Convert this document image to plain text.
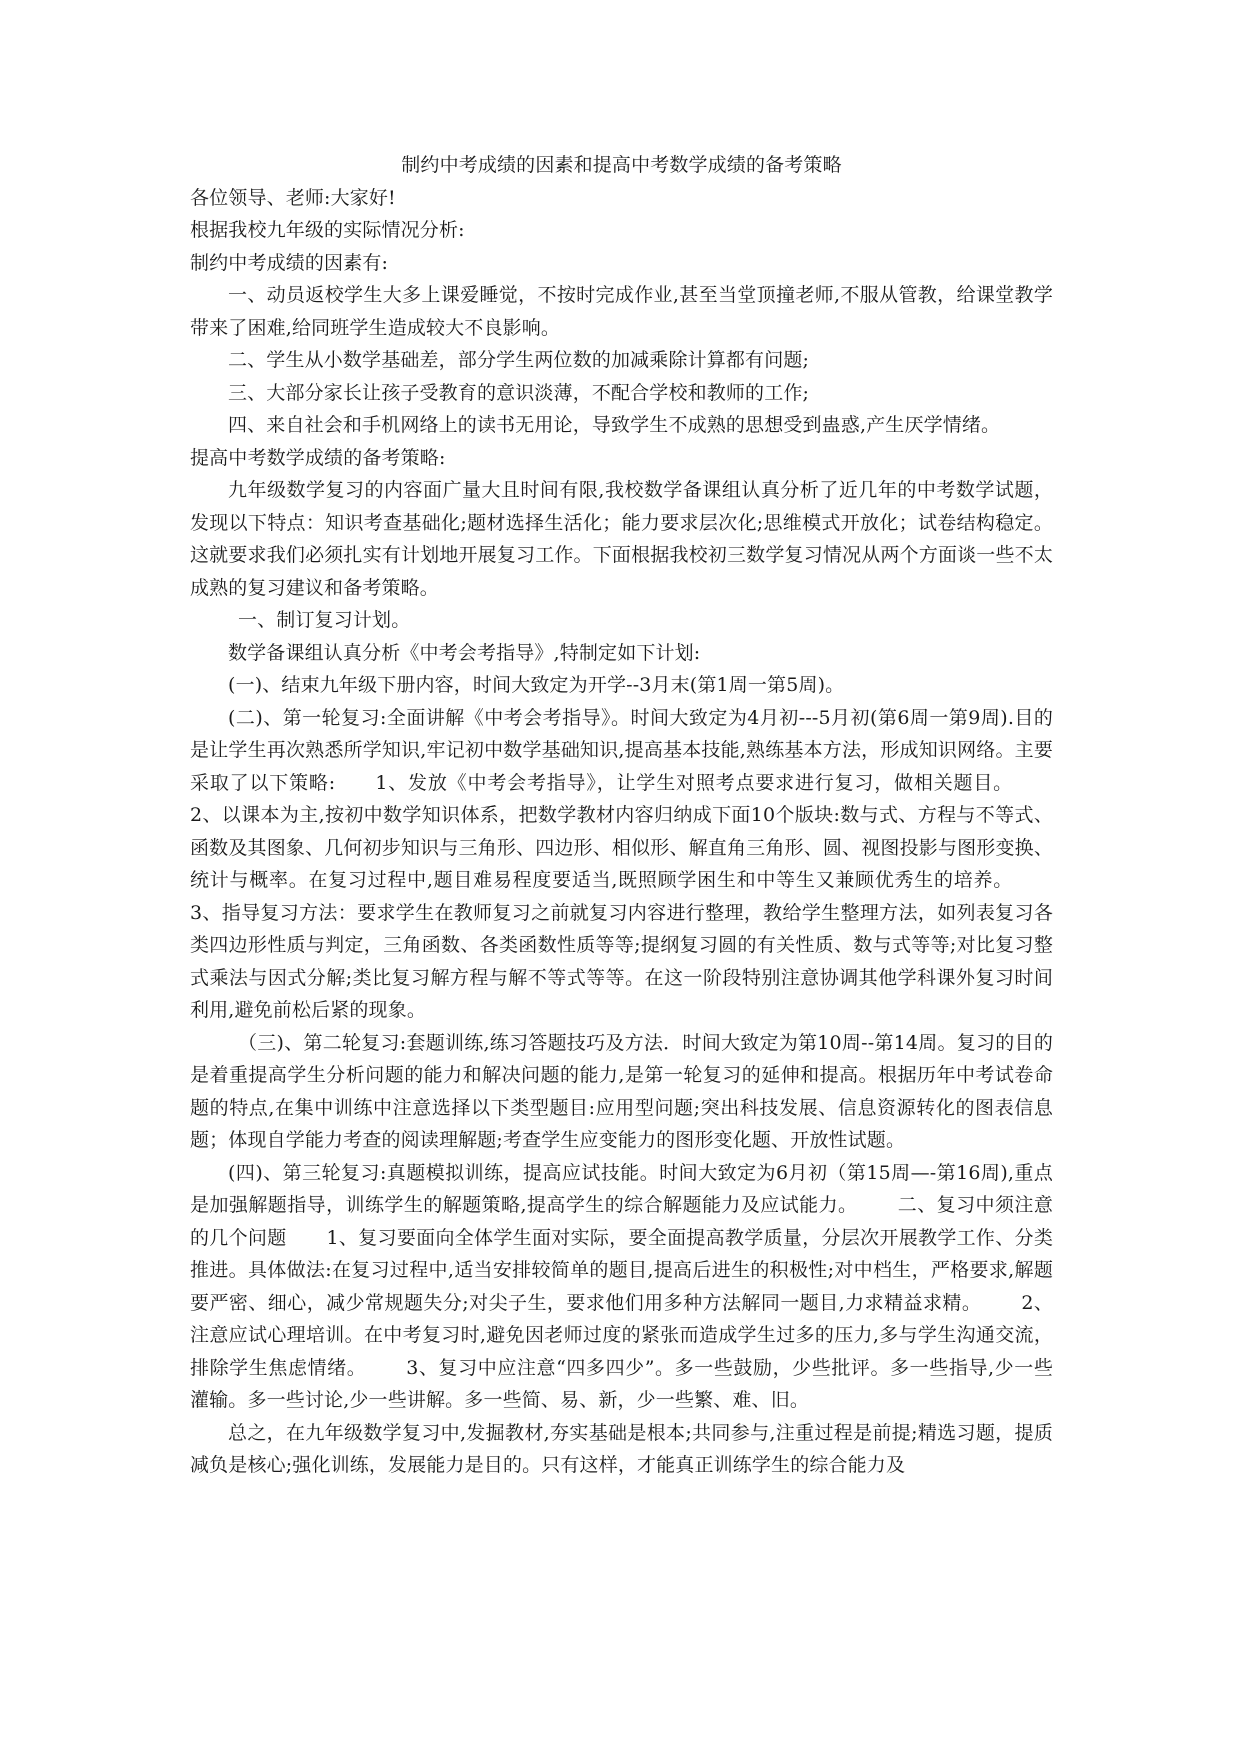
制约中考成绩的因素和提高中考数学成绩的备考策略

各位领导、老师:大家好!

根据我校九年级的实际情况分析:

制约中考成绩的因素有:

一、动员返校学生大多上课爱睡觉，不按时完成作业,甚至当堂顶撞老师,不服从管教，给课堂教学带来了困难,给同班学生造成较大不良影响。

二、学生从小数学基础差，部分学生两位数的加减乘除计算都有问题;

三、大部分家长让孩子受教育的意识淡薄，不配合学校和教师的工作;

四、来自社会和手机网络上的读书无用论，导致学生不成熟的思想受到蛊惑,产生厌学情绪。

提高中考数学成绩的备考策略:

九年级数学复习的内容面广量大且时间有限,我校数学备课组认真分析了近几年的中考数学试题，发现以下特点：知识考查基础化;题材选择生活化；能力要求层次化;思维模式开放化；试卷结构稳定。这就要求我们必须扎实有计划地开展复习工作。下面根据我校初三数学复习情况从两个方面谈一些不太成熟的复习建议和备考策略。

一、制订复习计划。

数学备课组认真分析《中考会考指导》,特制定如下计划:

(一)、结束九年级下册内容，时间大致定为开学--3月末(第1周一第5周)。

(二)、第一轮复习:全面讲解《中考会考指导》。时间大致定为4月初---5月初(第6周一第9周).目的是让学生再次熟悉所学知识,牢记初中数学基础知识,提高基本技能,熟练基本方法，形成知识网络。主要采取了以下策略: 1、发放《中考会考指导》，让学生对照考点要求进行复习，做相关题目。2、以课本为主,按初中数学知识体系，把数学教材内容归纳成下面10个版块:数与式、方程与不等式、函数及其图象、几何初步知识与三角形、四边形、相似形、解直角三角形、圆、视图投影与图形变换、统计与概率。在复习过程中,题目难易程度要适当,既照顾学困生和中等生又兼顾优秀生的培养。3、指导复习方法：要求学生在教师复习之前就复习内容进行整理，教给学生整理方法，如列表复习各类四边形性质与判定，三角函数、各类函数性质等等;提纲复习圆的有关性质、数与式等等;对比复习整式乘法与因式分解;类比复习解方程与解不等式等等。在这一阶段特别注意协调其他学科课外复习时间利用,避免前松后紧的现象。

（三)、第二轮复习:套题训练,练习答题技巧及方法．时间大致定为第10周--第14周。复习的目的是着重提高学生分析问题的能力和解决问题的能力,是第一轮复习的延伸和提高。根据历年中考试卷命题的特点,在集中训练中注意选择以下类型题目:应用型问题;突出科技发展、信息资源转化的图表信息题；体现自学能力考查的阅读理解题;考查学生应变能力的图形变化题、开放性试题。

(四)、第三轮复习:真题模拟训练，提高应试技能。时间大致定为6月初（第15周—-第16周),重点是加强解题指导，训练学生的解题策略,提高学生的综合解题能力及应试能力。 二、复习中须注意的几个问题 1、复习要面向全体学生面对实际，要全面提高教学质量，分层次开展教学工作、分类推进。具体做法:在复习过程中,适当安排较简单的题目,提高后进生的积极性;对中档生，严格要求,解题要严密、细心，减少常规题失分;对尖子生，要求他们用多种方法解同一题目,力求精益求精。 2、注意应试心理培训。在中考复习时,避免因老师过度的紧张而造成学生过多的压力,多与学生沟通交流，排除学生焦虑情绪。 3、复习中应注意“四多四少”。多一些鼓励，少些批评。多一些指导,少一些灌输。多一些讨论,少一些讲解。多一些简、易、新，少一些繁、难、旧。

总之，在九年级数学复习中,发掘教材,夯实基础是根本;共同参与,注重过程是前提;精选习题，提质减负是核心;强化训练，发展能力是目的。只有这样，才能真正训练学生的综合能力及
